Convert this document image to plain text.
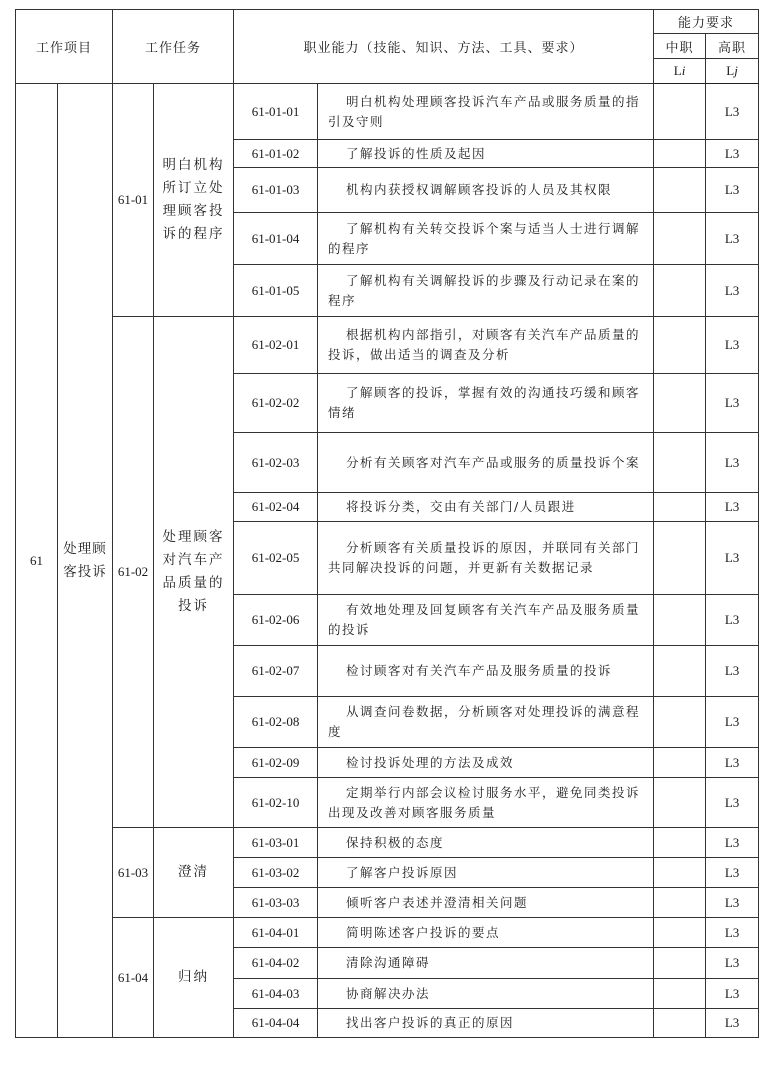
工作项目		工作任务		职业能力（技能、知识、方法、工具、要求）		能力要求	
						中职	高职
						Li	Lj
61	处理顾客投诉	61-01	明白机构所订立处理顾客投诉的程序	61-01-01	明白机构处理顾客投诉汽车产品或服务质量的指引及守则		L3
				61-01-02	了解投诉的性质及起因		L3
				61-01-03	机构内获授权调解顾客投诉的人员及其权限		L3
				61-01-04	了解机构有关转交投诉个案与适当人士进行调解的程序		L3
				61-01-05	了解机构有关调解投诉的步骤及行动记录在案的程序		L3
		61-02	处理顾客对汽车产品质量的投诉	61-02-01	根据机构内部指引，对顾客有关汽车产品质量的投诉，做出适当的调查及分析		L3
				61-02-02	了解顾客的投诉，掌握有效的沟通技巧缓和顾客情绪		L3
				61-02-03	分析有关顾客对汽车产品或服务的质量投诉个案		L3
				61-02-04	将投诉分类，交由有关部门/人员跟进		L3
				61-02-05	分析顾客有关质量投诉的原因，并联同有关部门共同解决投诉的问题，并更新有关数据记录		L3
				61-02-06	有效地处理及回复顾客有关汽车产品及服务质量的投诉		L3
				61-02-07	检讨顾客对有关汽车产品及服务质量的投诉		L3
				61-02-08	从调查问卷数据，分析顾客对处理投诉的满意程度		L3
				61-02-09	检讨投诉处理的方法及成效		L3
				61-02-10	定期举行内部会议检讨服务水平，避免同类投诉出现及改善对顾客服务质量		L3
		61-03	澄清	61-03-01	保持积极的态度		L3
				61-03-02	了解客户投诉原因		L3
				61-03-03	倾听客户表述并澄清相关问题		L3
		61-04	归纳	61-04-01	简明陈述客户投诉的要点		L3
				61-04-02	清除沟通障碍		L3
				61-04-03	协商解决办法		L3
				61-04-04	找出客户投诉的真正的原因		L3
